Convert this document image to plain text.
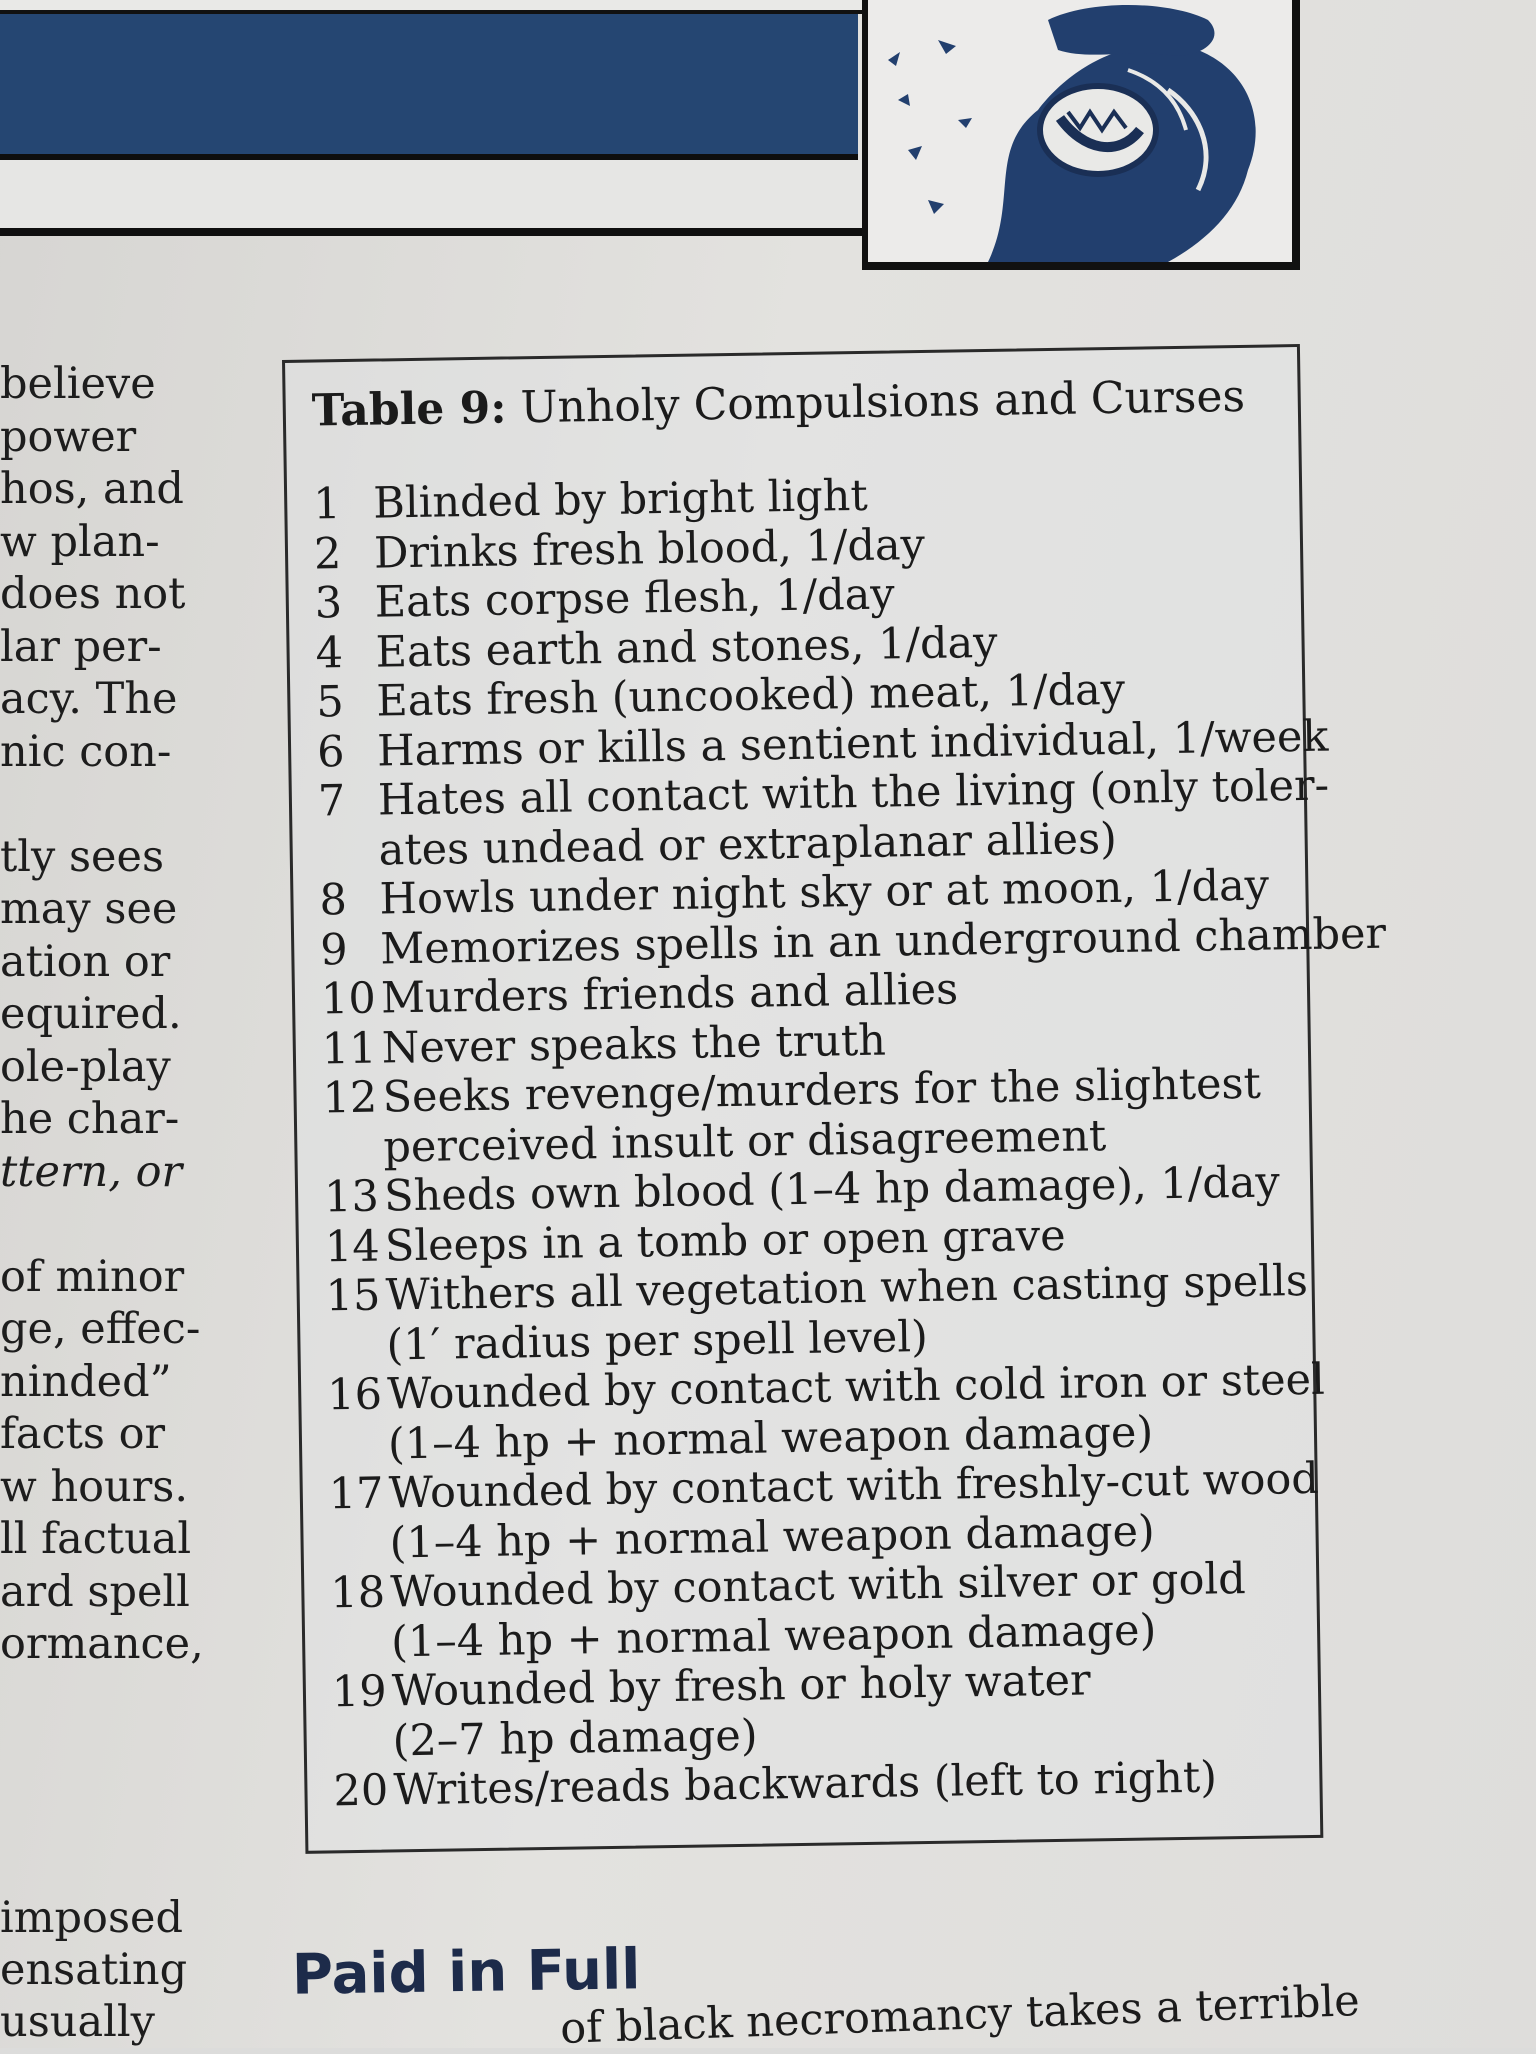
believe
power
hos, and
w plan-
does not
lar per-
acy. The
nic con-
tly sees
may see
ation or
equired.
ole-play
he char-
ttern, or
of minor
ge, effec-
ninded”
facts or
w hours.
ll factual
ard spell
ormance,
imposed
ensating
usually
Table 9: Unholy Compulsions and Curses
1 Blinded by bright light
2 Drinks fresh blood, 1/day
3 Eats corpse flesh, 1/day
4 Eats earth and stones, 1/day
5 Eats fresh (uncooked) meat, 1/day
6 Harms or kills a sentient individual, 1/week
7 Hates all contact with the living (only toler-
ates undead or extraplanar allies)
8 Howls under night sky or at moon, 1/day
9 Memorizes spells in an underground chamber
10 Murders friends and allies
11 Never speaks the truth
12 Seeks revenge/murders for the slightest
perceived insult or disagreement
13 Sheds own blood (1–4 hp damage), 1/day
14 Sleeps in a tomb or open grave
15 Withers all vegetation when casting spells
(1′ radius per spell level)
16 Wounded by contact with cold iron or steel
(1–4 hp + normal weapon damage)
17 Wounded by contact with freshly-cut wood
(1–4 hp + normal weapon damage)
18 Wounded by contact with silver or gold
(1–4 hp + normal weapon damage)
19 Wounded by fresh or holy water
(2–7 hp damage)
20 Writes/reads backwards (left to right)
Paid in Full
of black necromancy takes a terrible
